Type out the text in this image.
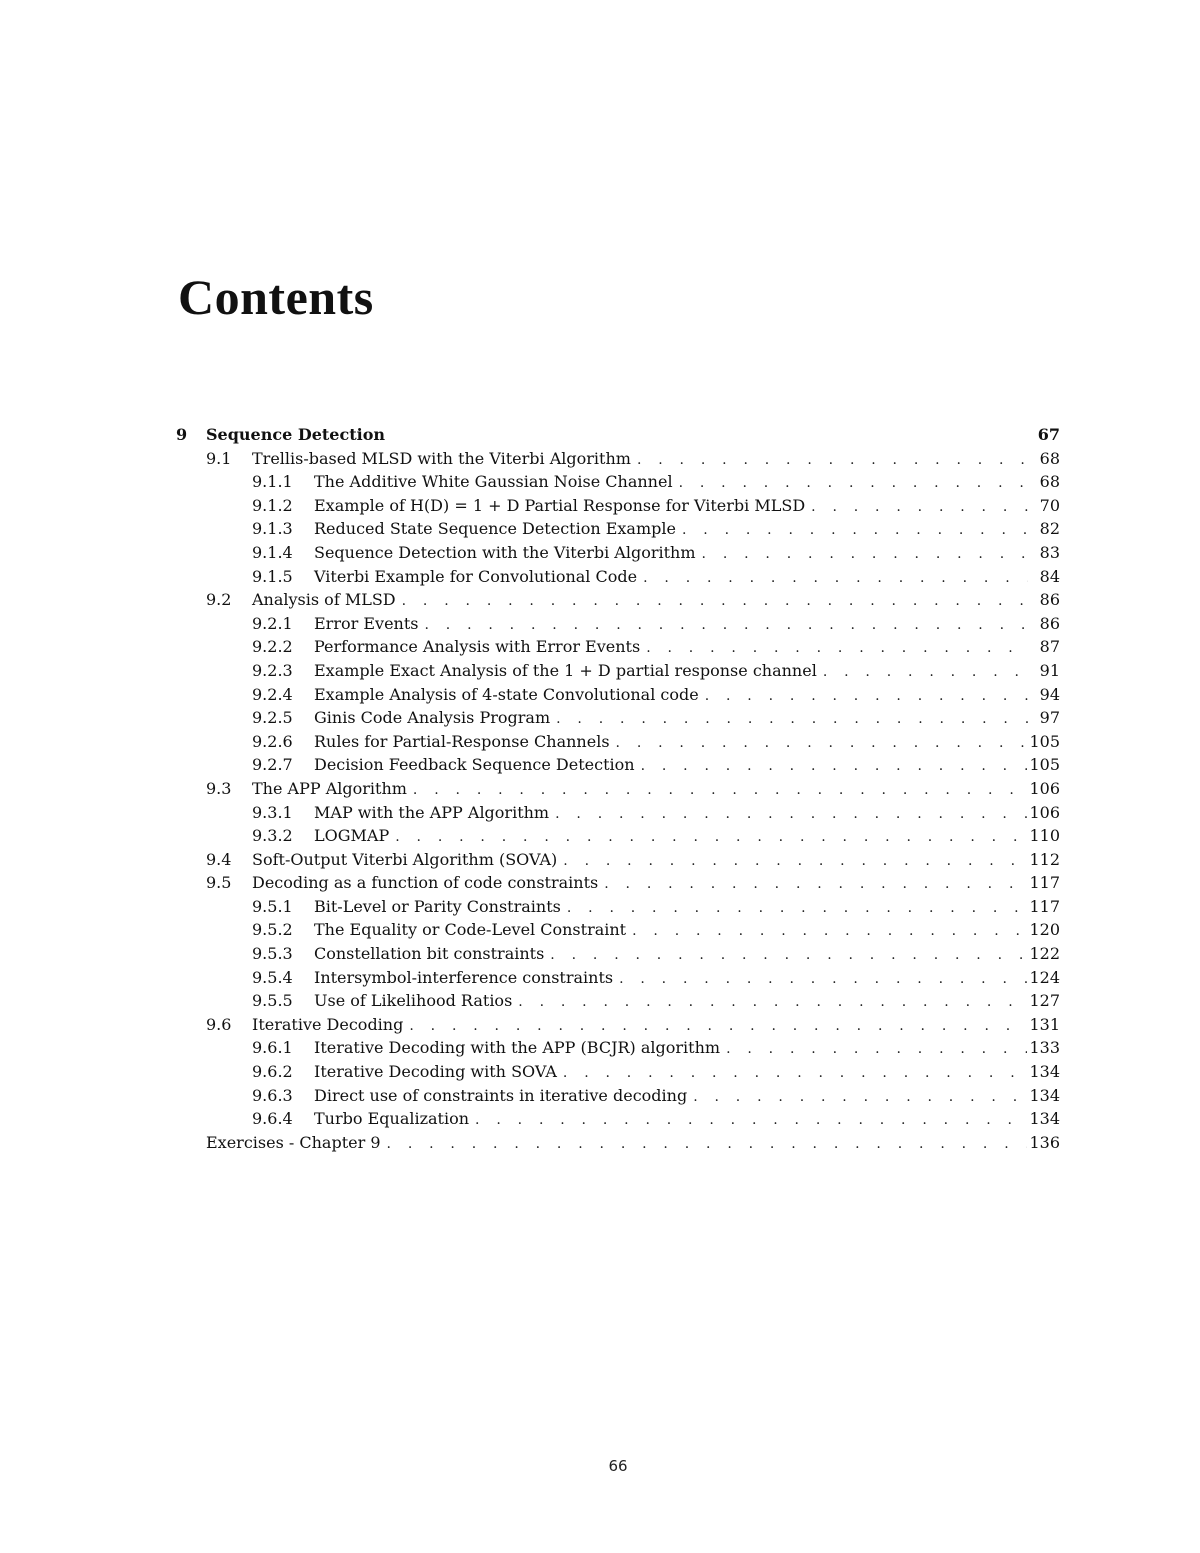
Contents
9	Sequence Detection	67
9.1	Trellis-based MLSD with the Viterbi Algorithm . . .	68
9.1.1	The Additive White Gaussian Noise Channel . . .	68
9.1.2	Example of H(D) = 1 + D Partial Response for Viterbi MLSD . . .	70
9.1.3	Reduced State Sequence Detection Example . . .	82
9.1.4	Sequence Detection with the Viterbi Algorithm . . .	83
9.1.5	Viterbi Example for Convolutional Code . . .	84
9.2	Analysis of MLSD . . .	86
9.2.1	Error Events . . .	86
9.2.2	Performance Analysis with Error Events . . .	87
9.2.3	Example Exact Analysis of the 1 + D partial response channel . . .	91
9.2.4	Example Analysis of 4-state Convolutional code . . .	94
9.2.5	Ginis Code Analysis Program . . .	97
9.2.6	Rules for Partial-Response Channels . . .	105
9.2.7	Decision Feedback Sequence Detection . . .	105
9.3	The APP Algorithm . . .	106
9.3.1	MAP with the APP Algorithm . . .	106
9.3.2	LOGMAP . . .	110
9.4	Soft-Output Viterbi Algorithm (SOVA) . . .	112
9.5	Decoding as a function of code constraints . . .	117
9.5.1	Bit-Level or Parity Constraints . . .	117
9.5.2	The Equality or Code-Level Constraint . . .	120
9.5.3	Constellation bit constraints . . .	122
9.5.4	Intersymbol-interference constraints . . .	124
9.5.5	Use of Likelihood Ratios . . .	127
9.6	Iterative Decoding . . .	131
9.6.1	Iterative Decoding with the APP (BCJR) algorithm . . .	133
9.6.2	Iterative Decoding with SOVA . . .	134
9.6.3	Direct use of constraints in iterative decoding . . .	134
9.6.4	Turbo Equalization . . .	134
Exercises - Chapter 9 . . .	136
66
